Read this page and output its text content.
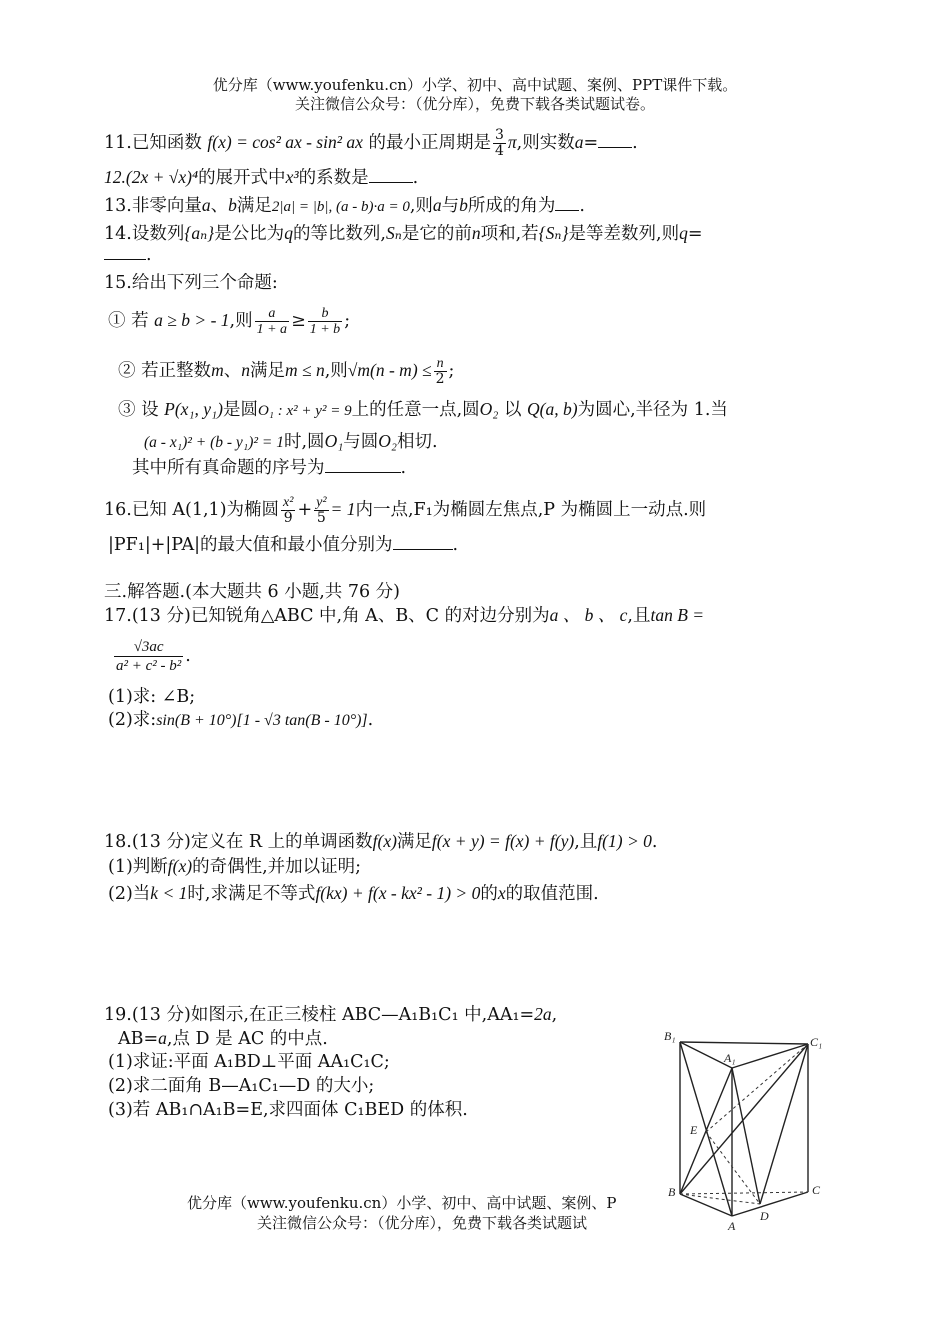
优分库（www.youfenku.cn）小学、初中、高中试题、案例、PPT课件下载。
关注微信公众号：（优分库），免费下载各类试题试卷。
11.已知函数 f(x) = cos² ax - sin² ax 的最小正周期是 $\frac{3}{4} \pi$,则实数a= .
12.(2x + √x)⁴的展开式中x³的系数是	.
13.非零向量a、b满足2|a| = |b|, (a - b)·a = 0,则a与b所成的角为 .
14.设数列{aₙ}是公比为q的等比数列,Sₙ是它的前n项和,若{Sₙ}是等差数列,则q=
.
15.给出下列三个命题:
① 若 a ≥ b > - 1,则 $\frac{a}{1 + a} \ge \frac{b}{1 + b}$ ;
② 若正整数m、n满足m ≤ n,则$√m(n - m) \le \frac{n}{2}$ ;
③ 设 P(x₁, y₁)是圆O₁ : x² + y² = 9上的任意一点,圆O₂ 以 Q(a, b)为圆心,半径为 1.当
(a - x₁)² + (b - y₁)² = 1时,圆O₁与圆O₂相切.
其中所有真命题的序号为	.
16.已知 A(1,1)为椭圆 $\frac{\text{x²}}{9} + \frac{\text{y²}}{5} = 1$内一点,F₁为椭圆左焦点,P 为椭圆上一动点.则
|PF₁|+|PA|的最大值和最小值分别为	.
三.解答题.(本大题共 6 小题,共 76 分)
17.(13 分)已知锐角△ABC 中,角 A、B、C 的对边分别为a 、 b 、 c,且tan B =
$\frac{√3ac}{\text{a² + c² - b²}}$ .
(1)求: ∠B;
(2)求:sin(B + 10°)[1 - √3 tan(B - 10°)].
18.(13 分)定义在 R 上的单调函数f(x)满足f(x + y) = f(x) + f(y),且f(1) > 0.
(1)判断f(x)的奇偶性,并加以证明;
(2)当k < 1时,求满足不等式f(kx) + f(x - kx² - 1) > 0的x的取值范围.
19.(13 分)如图示,在正三棱柱 ABC—A₁B₁C₁ 中,AA₁=2a,
AB=a,点 D 是 AC 的中点.
(1)求证:平面 A₁BD⊥平面 AA₁C₁C;
(2)求二面角 B—A₁C₁—D 的大小;
(3)若 AB₁∩A₁B=E,求四面体 C₁BED 的体积.
B₁
A₁
C₁
E
B	C
D
A
优分库（www.youfenku.cn）小学、初中、高中试题、案例、P
关注微信公众号：（优分库），免费下载各类试题试
